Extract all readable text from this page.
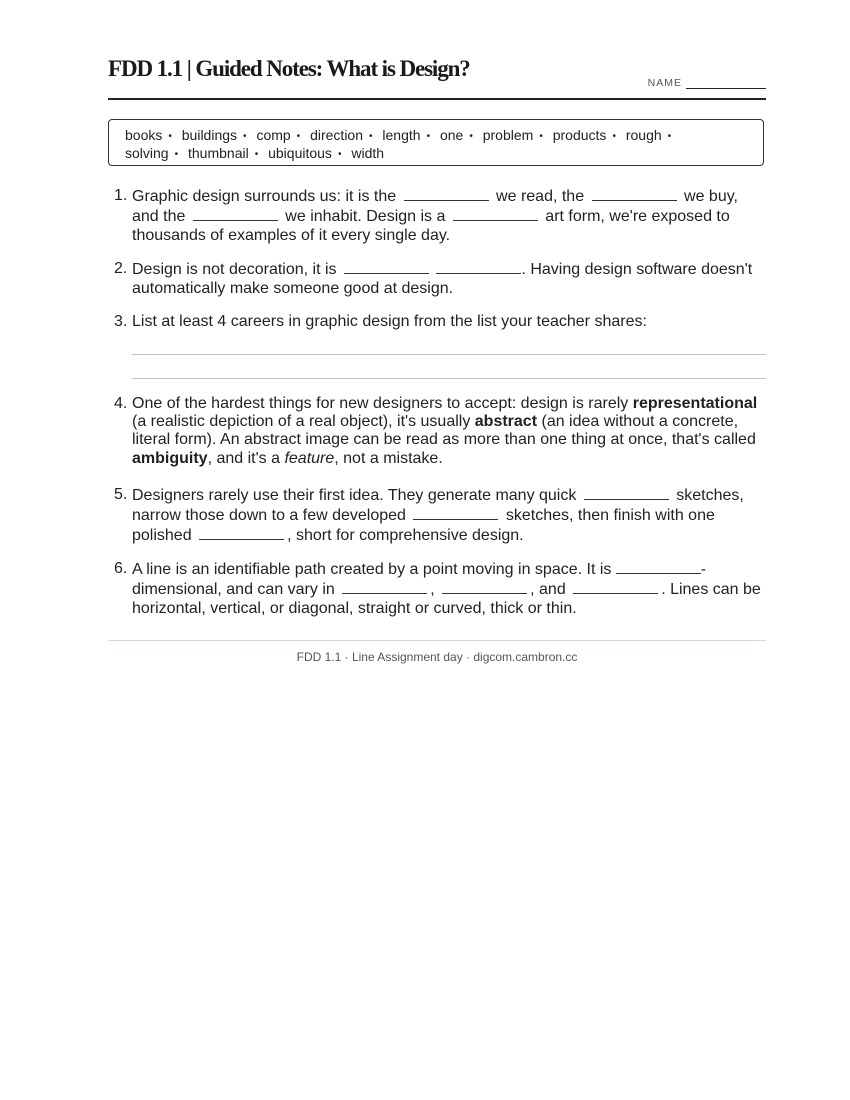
FDD 1.1 | Guided Notes: What is Design?
NAME
books • buildings • comp • direction • length • one • problem • products • rough •
solving • thumbnail • ubiquitous • width
1. Graphic design surrounds us: it is the	we read, the	we buy, and the	we inhabit. Design is a	art form, we're exposed to thousands of examples of it every single day.
2. Design is not decoration, it is	. Having design software doesn't automatically make someone good at design.
3. List at least 4 careers in graphic design from the list your teacher shares:
4. One of the hardest things for new designers to accept: design is rarely representational (a realistic depiction of a real object), it's usually abstract (an idea without a concrete, literal form). An abstract image can be read as more than one thing at once, that's called ambiguity, and it's a feature, not a mistake.
5. Designers rarely use their first idea. They generate many quick	sketches, narrow those down to a few developed	sketches, then finish with one polished	, short for comprehensive design.
6. A line is an identifiable path created by a point moving in space. It is	-dimensional, and can vary in	,	, and	. Lines can be horizontal, vertical, or diagonal, straight or curved, thick or thin.
FDD 1.1 · Line Assignment day · digcom.cambron.cc
